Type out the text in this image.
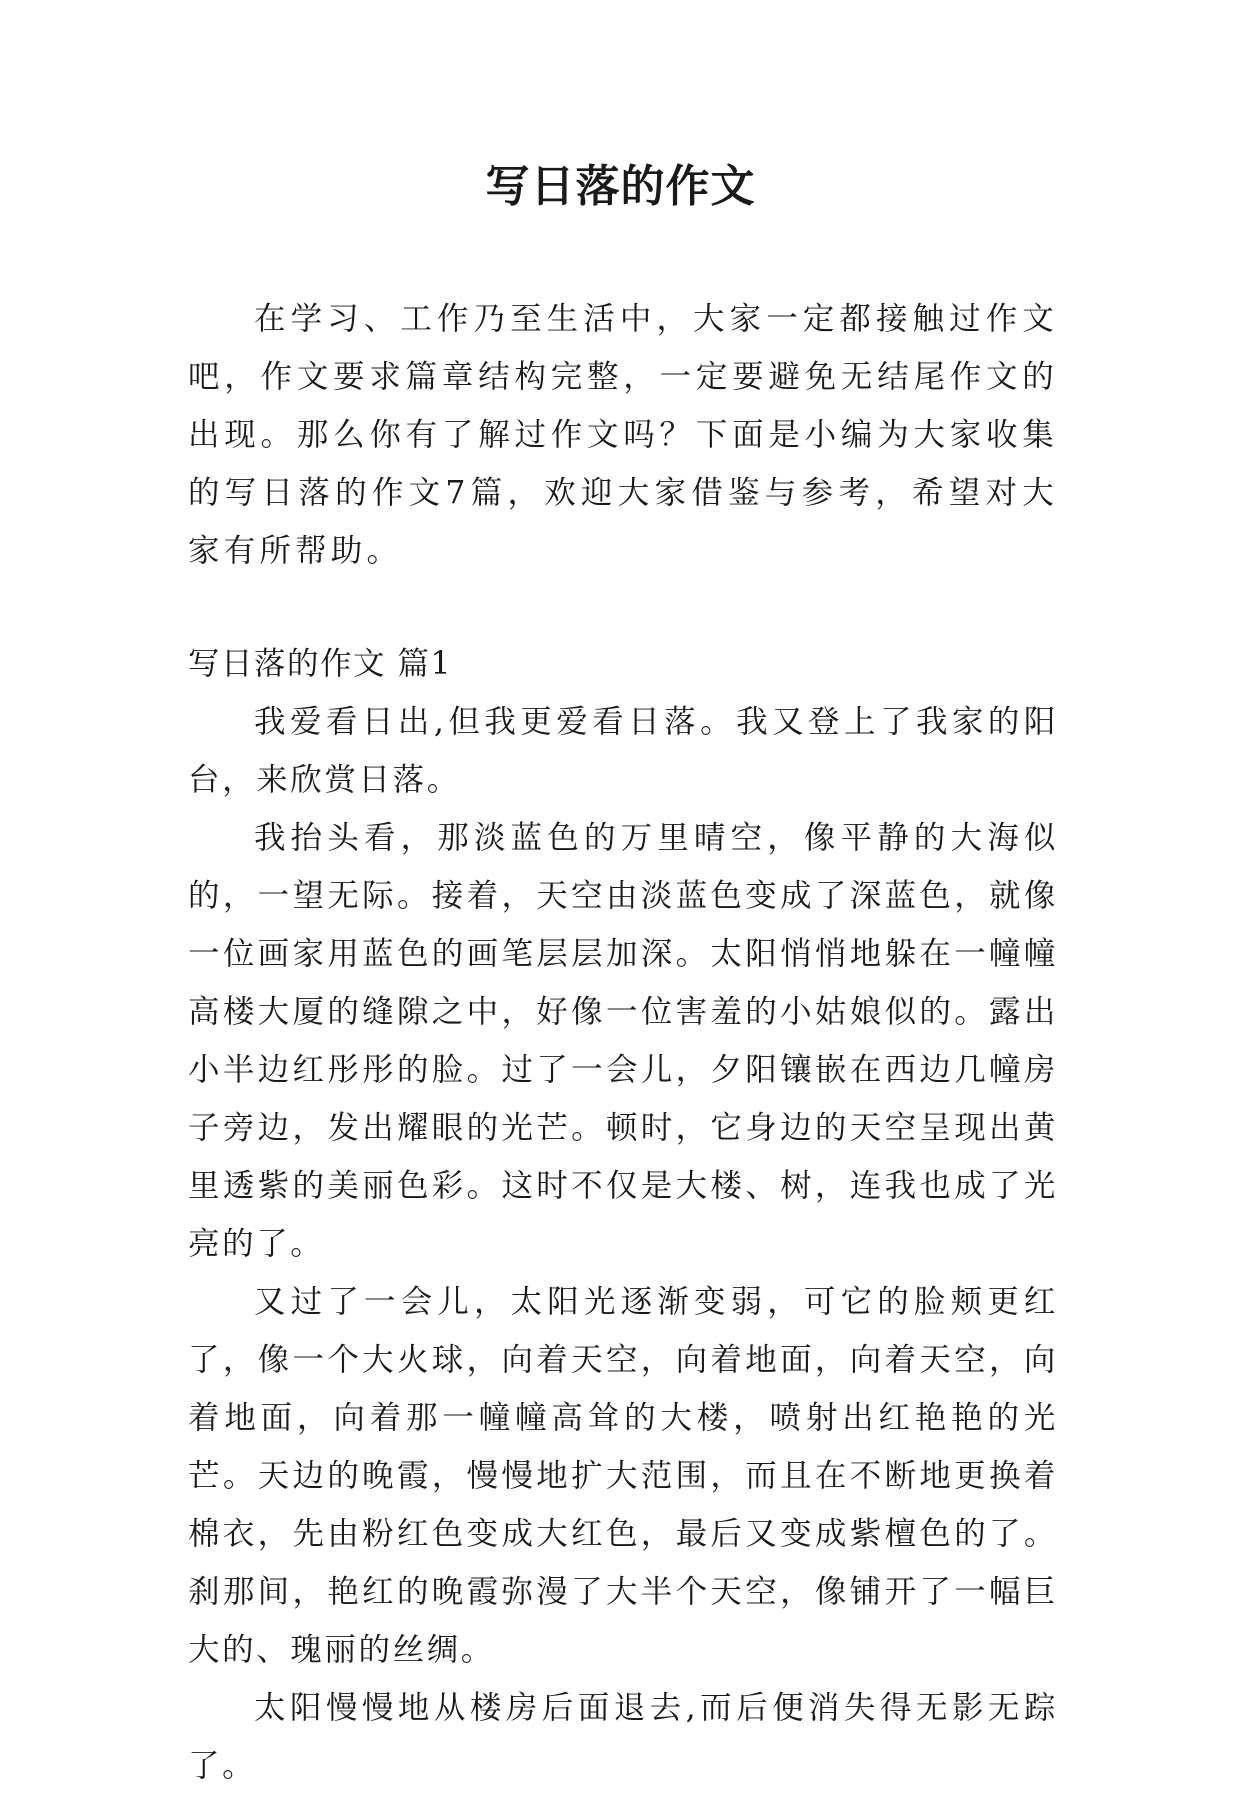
写日落的作文

在学习、工作乃至生活中，大家一定都接触过作文吧，作文要求篇章结构完整，一定要避免无结尾作文的出现。那么你有了解过作文吗？下面是小编为大家收集的写日落的作文7篇，欢迎大家借鉴与参考，希望对大家有所帮助。

写日落的作文 篇1

我爱看日出,但我更爱看日落。我又登上了我家的阳台，来欣赏日落。

我抬头看，那淡蓝色的万里晴空，像平静的大海似的，一望无际。接着，天空由淡蓝色变成了深蓝色，就像一位画家用蓝色的画笔层层加深。太阳悄悄地躲在一幢幢高楼大厦的缝隙之中，好像一位害羞的小姑娘似的。露出小半边红彤彤的脸。过了一会儿，夕阳镶嵌在西边几幢房子旁边，发出耀眼的光芒。顿时，它身边的天空呈现出黄里透紫的美丽色彩。这时不仅是大楼、树，连我也成了光亮的了。

又过了一会儿，太阳光逐渐变弱，可它的脸颊更红了，像一个大火球，向着天空，向着地面，向着天空，向着地面，向着那一幢幢高耸的大楼，喷射出红艳艳的光芒。天边的晚霞，慢慢地扩大范围，而且在不断地更换着棉衣，先由粉红色变成大红色，最后又变成紫檀色的了。刹那间，艳红的晚霞弥漫了大半个天空，像铺开了一幅巨大的、瑰丽的丝绸。

太阳慢慢地从楼房后面退去,而后便消失得无影无踪了。
